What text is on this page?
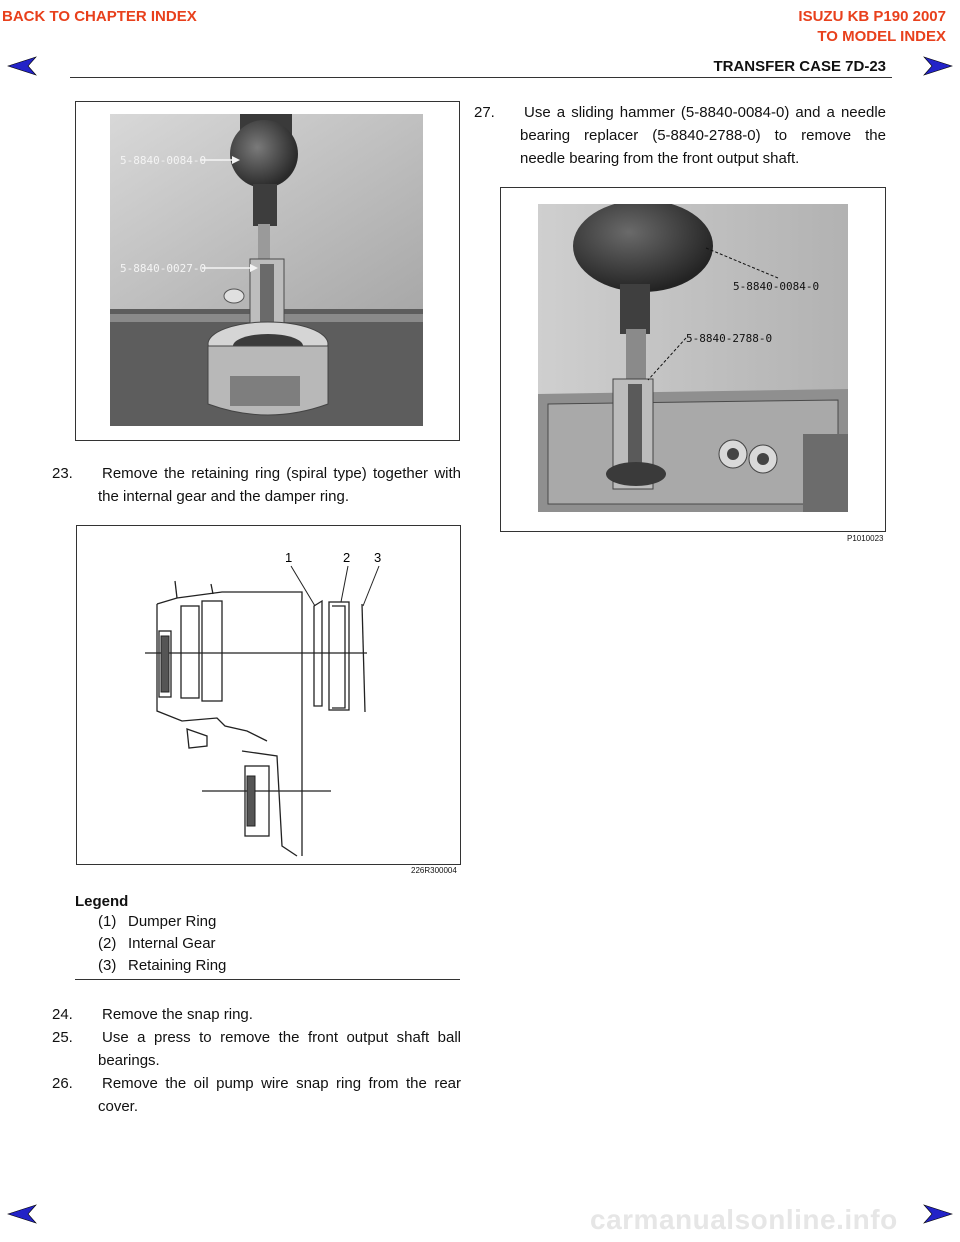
BACK TO CHAPTER INDEX	ISUZU KB P190 2007
TO MODEL INDEX
TRANSFER CASE 7D-23
5-8840-0084-0
5-8840-0027-0

23. Remove the retaining ring (spiral type) together with the internal gear and the damper ring.

1	2 3
226R300004
Legend
(1) Dumper Ring
(2) Internal Gear
(3) Retaining Ring

24. Remove the snap ring.

25. Use a press to remove the front output shaft ball bearings.

26. Remove the oil pump wire snap ring from the rear cover.

27. Use a sliding hammer (5-8840-0084-0) and a needle bearing replacer (5-8840-2788-0) to remove the needle bearing from the front output shaft.

5-8840-0084-0
5-8840-2788-0
P1010023
carmanualsonline.info
